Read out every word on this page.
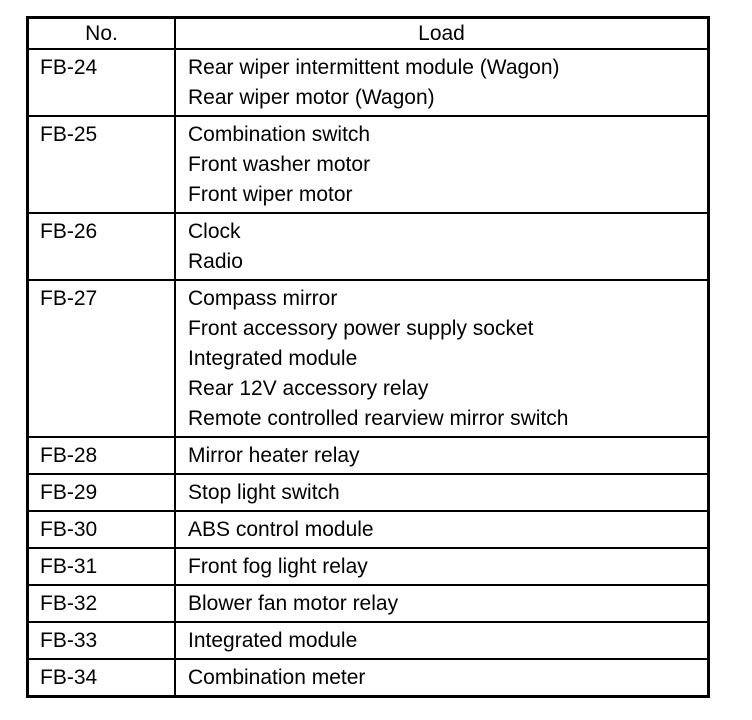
No.	Load
FB-24	Rear wiper intermittent module (Wagon)
Rear wiper motor (Wagon)

FB-25	Combination switch
Front washer motor
Front wiper motor

FB-26	Clock
Radio

FB-27	Compass mirror
Front accessory power supply socket
Integrated module
Rear 12V accessory relay
Remote controlled rearview mirror switch

FB-28	Mirror heater relay

FB-29	Stop light switch

FB-30	ABS control module

FB-31	Front fog light relay

FB-32	Blower fan motor relay

FB-33	Integrated module

FB-34	Combination meter
